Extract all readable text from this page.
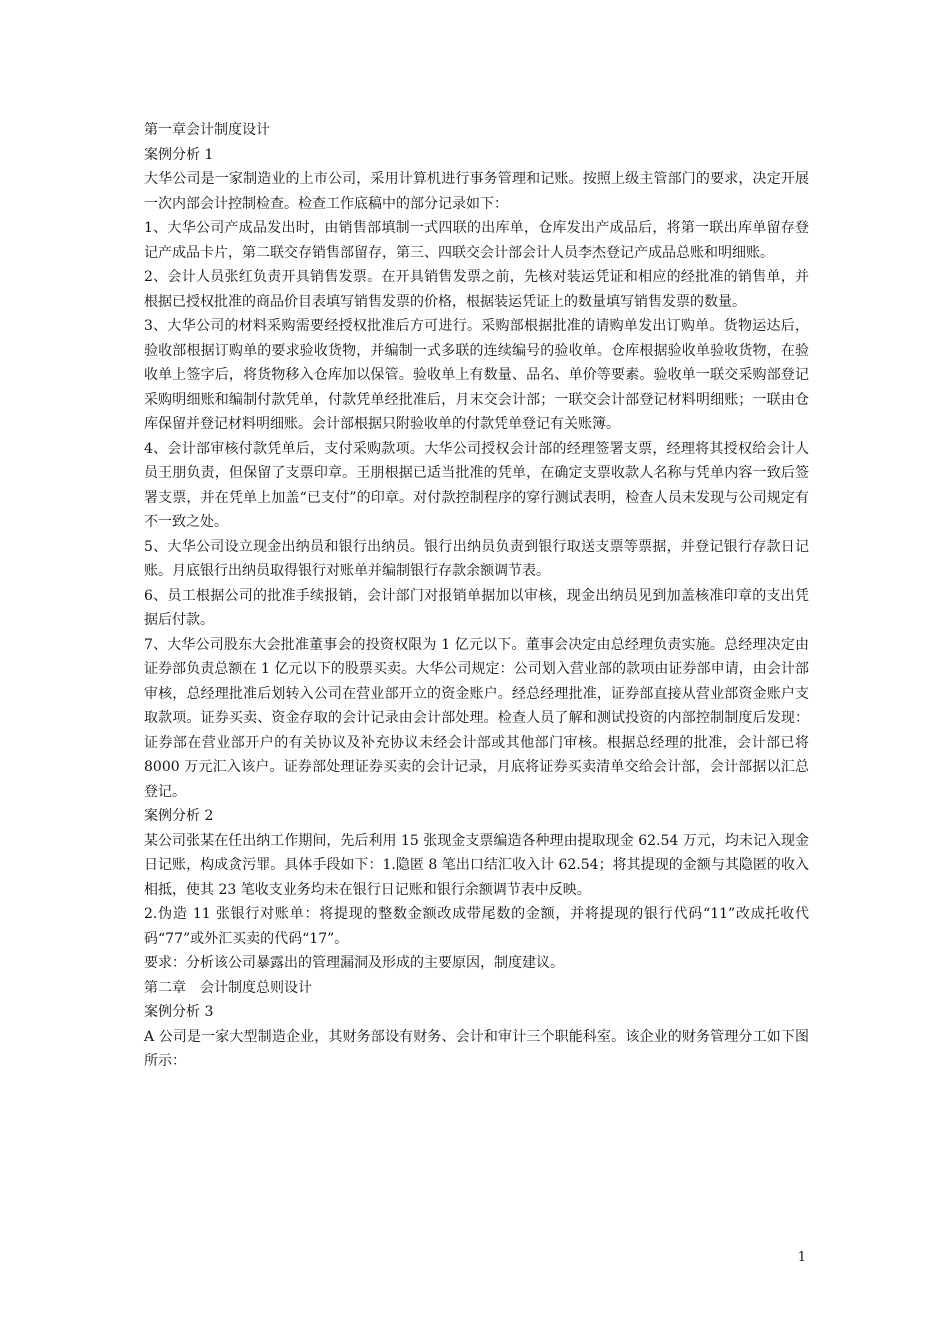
第一章会计制度设计

案例分析 1

大华公司是一家制造业的上市公司，采用计算机进行事务管理和记账。按照上级主管部门的要求，决定开展一次内部会计控制检查。检查工作底稿中的部分记录如下：

1、大华公司产成品发出时，由销售部填制一式四联的出库单，仓库发出产成品后，将第一联出库单留存登记产成品卡片，第二联交存销售部留存，第三、四联交会计部会计人员李杰登记产成品总账和明细账。

2、会计人员张红负责开具销售发票。在开具销售发票之前，先核对装运凭证和相应的经批准的销售单，并根据已授权批准的商品价目表填写销售发票的价格，根据装运凭证上的数量填写销售发票的数量。

3、大华公司的材料采购需要经授权批准后方可进行。采购部根据批准的请购单发出订购单。货物运达后，验收部根据订购单的要求验收货物，并编制一式多联的连续编号的验收单。仓库根据验收单验收货物，在验收单上签字后，将货物移入仓库加以保管。验收单上有数量、品名、单价等要素。验收单一联交采购部登记采购明细账和编制付款凭单，付款凭单经批准后，月末交会计部；一联交会计部登记材料明细账；一联由仓库保留并登记材料明细账。会计部根据只附验收单的付款凭单登记有关账簿。

4、会计部审核付款凭单后，支付采购款项。大华公司授权会计部的经理签署支票，经理将其授权给会计人员王朋负责，但保留了支票印章。王朋根据已适当批准的凭单，在确定支票收款人名称与凭单内容一致后签署支票，并在凭单上加盖“已支付”的印章。对付款控制程序的穿行测试表明，检查人员未发现与公司规定有不一致之处。

5、大华公司设立现金出纳员和银行出纳员。银行出纳员负责到银行取送支票等票据，并登记银行存款日记账。月底银行出纳员取得银行对账单并编制银行存款余额调节表。

6、员工根据公司的批准手续报销，会计部门对报销单据加以审核，现金出纳员见到加盖核准印章的支出凭据后付款。

7、大华公司股东大会批准董事会的投资权限为 1 亿元以下。董事会决定由总经理负责实施。总经理决定由证券部负责总额在 1 亿元以下的股票买卖。大华公司规定：公司划入营业部的款项由证券部申请，由会计部审核，总经理批准后划转入公司在营业部开立的资金账户。经总经理批准，证券部直接从营业部资金账户支取款项。证券买卖、资金存取的会计记录由会计部处理。检查人员了解和测试投资的内部控制制度后发现：证券部在营业部开户的有关协议及补充协议未经会计部或其他部门审核。根据总经理的批准，会计部已将 8000 万元汇入该户。证券部处理证券买卖的会计记录，月底将证券买卖清单交给会计部，会计部据以汇总登记。

案例分析 2

某公司张某在任出纳工作期间，先后利用 15 张现金支票编造各种理由提取现金 62.54 万元，均未记入现金日记账，构成贪污罪。具体手段如下：1.隐匿 8 笔出口结汇收入计 62.54；将其提现的金额与其隐匿的收入相抵，使其 23 笔收支业务均未在银行日记账和银行余额调节表中反映。

2.伪造 11 张银行对账单：将提现的整数金额改成带尾数的金额，并将提现的银行代码“11”改成托收代码“77”或外汇买卖的代码“17”。

要求：分析该公司暴露出的管理漏洞及形成的主要原因，制度建议。

第二章　会计制度总则设计

案例分析 3

A 公司是一家大型制造企业，其财务部设有财务、会计和审计三个职能科室。该企业的财务管理分工如下图所示：

1
